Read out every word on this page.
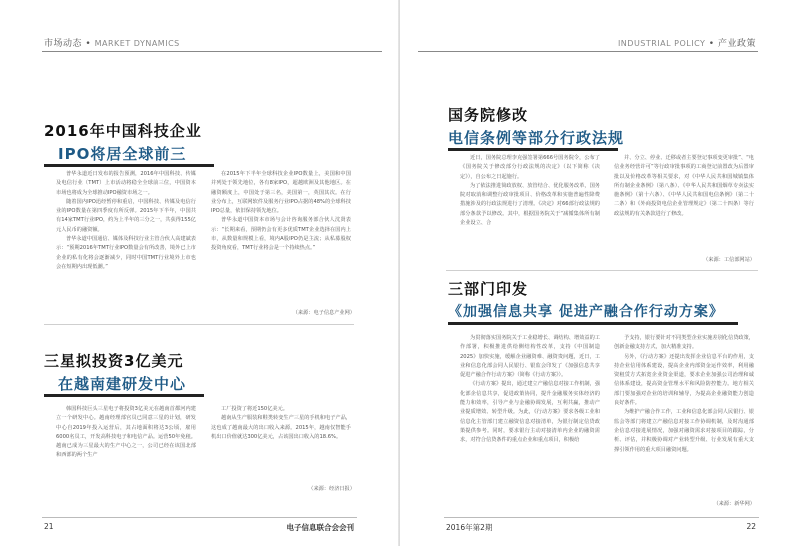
市场动态 • MARKET DYNAMICS
2016年中国科技企业
IPO将居全球前三

普华永道近日发布的报告预测，2016年中国科技、传媒及电信行业（TMT）上市活动将稳全全球前三位，中国资本市场也将成为全球推动IPO融资市场之一。

随着国内IPO迅经暂停和重启，中国科技、传媒及电信行业的IPO数量在第四季度有所反弹。2015年下半年，中国共有14家TMT行业IPO，约为上半年的三分之一，共获得155亿元人民币的融资额。

普华永道中国通信、媒体及科技行业主管合伙人高建斌表示：“预期2016年TMT行业IPO数量会有所改善，境外已上市企业的私有化将会逐渐减少，同时中国TMT行业境外上市也会在短期内出现低潮。”

在2015年下半年全球科技企业IPO数量上，美国和中国并列处于领先地位，各有8家IPO，超越欧洲及其他地区。在融资额度上，中国处于第三名，美国第一，英国其次。在行业分布上，互联网软件及服务行业IPO占据的48%的全球科技IPO总量，依旧保持领先地位。

普华永道中国资本市场与会计咨询服务部合伙人沈贤表示：“长期来看，预期仍会有更多优质TMT企业选择在国内上市，从数量和规模上看，境内A股IPO仍是主流；从私募股权投资角度看，TMT行业将会是一个持续热点。”

（来源：电子信息产业网）
三星拟投资3亿美元
在越南建研发中心

韩国科技巨头三星电子将投资3亿美元在越南首都河内建立一个研发中心。越南经理部官员已同意三星的计划，研发中心自2019年投入运营后，其占地面积将达3公顷，雇用6000名员工，开发高科技电子和电信产品。运营50年免租。越南已成为三星最大的生产中心之一，公司已经在该国北部和西部的两个生产

工厂投资了将近150亿美元。

越南从生产服装和鞋类转变生产三星的手机和电子产品，这也成了越南最大的出口收入来源。2015年，越南仅智能手机出口价值就达300亿美元，占该国出口收入的18.6%。

（来源：经济日报）
21	电子信息联合会会刊
INDUSTRIAL POLICY • 产业政策
国务院修改
电信条例等部分行政法规

近日，国务院总理李克强签署第666号国务院令，公布了《国务院关于修改部分行政法规的决定》（以下简称《决定》），自公布之日起施行。

为了依法推进简政放权、放管结合、优化服务改革，国务院对取消和调整行政审批项目、价格改革和实施普遍性降费措施涉及的行政法规进行了清理。《决定》对66部行政法规的部分条款予以修改。其中，根据国务院关于“减循集体所有制企业设立、合

并、分立、停业、迁移或者主要登记事项变更审批”、“电信业务经营许可”等行政审批事项的工商登记前置改为后置审批以及价格改革等相关要求，对《中华人民共和国城镇集体所有制企业条例》（第八条）、《中华人民共和国烟草专卖法实施条例》（第十六条）、《中华人民共和国电信条例》（第二十二条）和《外商投资电信企业管理规定》（第二十四条）等行政法规的有关条款进行了修改。

（来源：工信部网站）
三部门印发
《加强信息共享 促进产融合作行动方案》

为贯彻落实国务院关于工业稳增长、调结构、增效益的工作部署，积极推进供给侧结构性改革，支持《中国制造2025》加快实施，缓解企业融资难、融资贵问题，近日，工业和信息化部会同人民银行、银监会印发了《加强信息共享 促进产融合作行动方案》（简称《行动方案》）。

《行动方案》提出，通过建立产融信息对接工作机制，强化部企信息共享，促进政策协同，提升金融服务实体经济的能力和效率，引导产业与金融协调发展，互利共赢，推动产业提质增效、转型升级。为此，《行动方案》要求各级工业和信息化主管部门建立融资信息对接清单，为银行制定信贷政策提供参考。同时，要求银行主动对接清单内企业的融资需求，对符合信贷条件的重点企业和重点项目，积极给

予支持，银行要针对不同类型企业实施差别化信贷政策，创新金融支持方式，加大精准支持。

另外，《行动方案》还提出发挥企业信息平台的作用，支持企业信用体系建设，提高企业内部资金运作效率，利用融资租赁方式拓宽企业资金渠道，要求企业加强公司治理和诚信体系建设，提高资金管理水平和风险防控能力。地方相关部门要加强对企业的培训和辅导，为提高企业融资能力创造良好条件。

为维护产融合作工作，工业和信息化部会同人民银行、银监会等部门将建立产融信息对接工作协调机制，及时沟通部企信息对接进展情况，加强对融资需求对接项目的跟踪，分析、评估，并积极协调对产业转型升级、行业发展有重大支撑引领作用的重大项目融资问题。

（来源：新华网）
2016年第2期	22
